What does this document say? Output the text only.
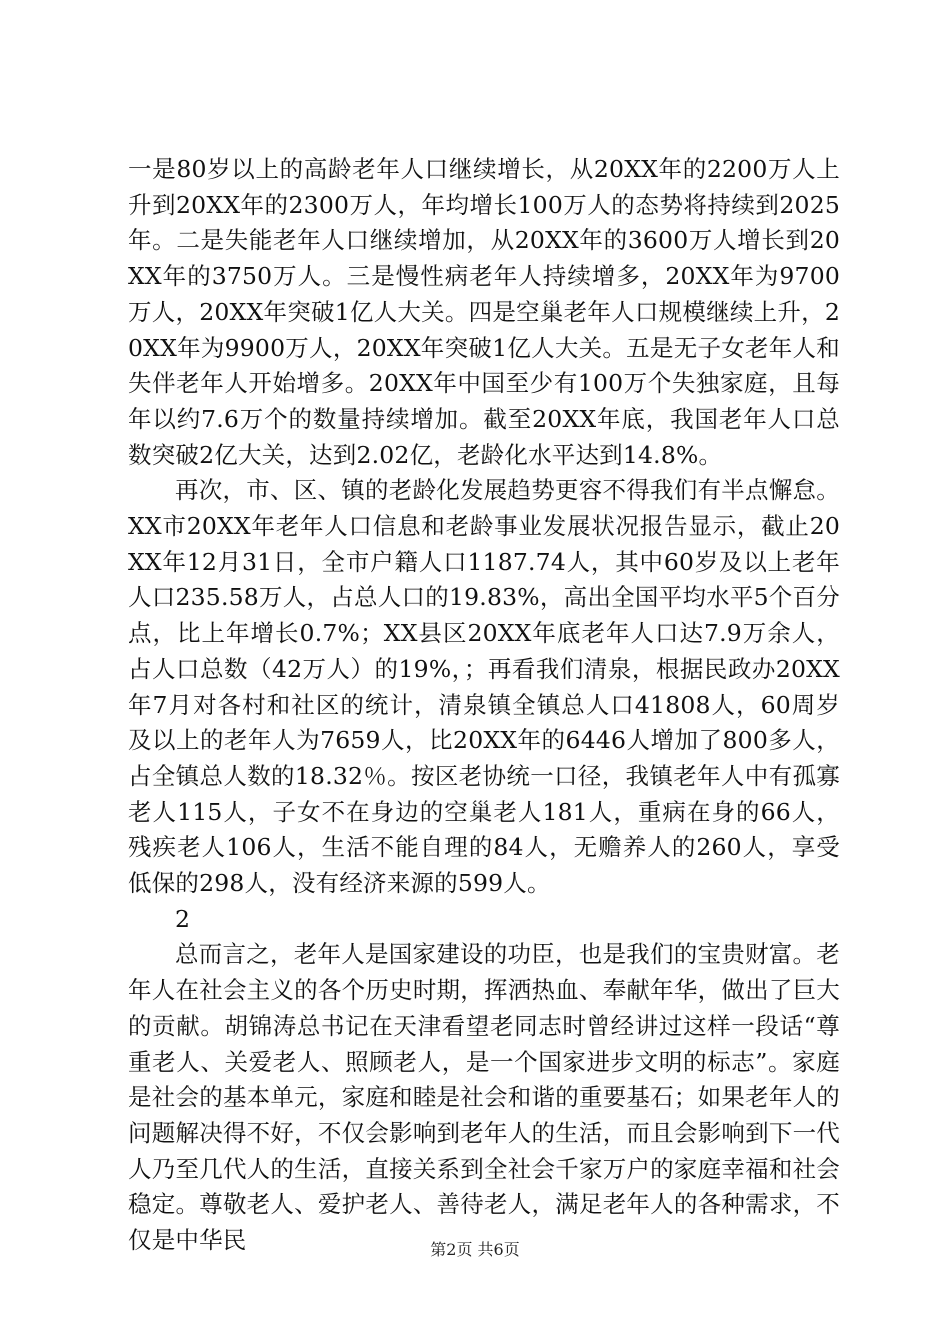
一是80岁以上的高龄老年人口继续增长，从20XX年的2200万人上升到20XX年的2300万人，年均增长100万人的态势将持续到2025年。二是失能老年人口继续增加，从20XX年的3600万人增长到20XX年的3750万人。三是慢性病老年人持续增多，20XX年为9700万人，20XX年突破1亿人大关。四是空巢老年人口规模继续上升，20XX年为9900万人，20XX年突破1亿人大关。五是无子女老年人和失伴老年人开始增多。20XX年中国至少有100万个失独家庭，且每年以约7.6万个的数量持续增加。截至20XX年底，我国老年人口总数突破2亿大关，达到2.02亿，老龄化水平达到14.8%。

再次，市、区、镇的老龄化发展趋势更容不得我们有半点懈怠。XX市20XX年老年人口信息和老龄事业发展状况报告显示，截止20XX年12月31日，全市户籍人口1187.74人，其中60岁及以上老年人口235.58万人，占总人口的19.83%，高出全国平均水平5个百分点，比上年增长0.7%；XX县区20XX年底老年人口达7.9万余人，占人口总数（42万人）的19%，；再看我们清泉，根据民政办20XX年7月对各村和社区的统计，清泉镇全镇总人口41808人，60周岁及以上的老年人为7659人，比20XX年的6446人增加了800多人，占全镇总人数的18.32％。按区老协统一口径，我镇老年人中有孤寡老人115人，子女不在身边的空巢老人181人，重病在身的66人，残疾老人106人，生活不能自理的84人，无赡养人的260人，享受低保的298人，没有经济来源的599人。

2

总而言之，老年人是国家建设的功臣，也是我们的宝贵财富。老年人在社会主义的各个历史时期，挥洒热血、奉献年华，做出了巨大的贡献。胡锦涛总书记在天津看望老同志时曾经讲过这样一段话“尊重老人、关爱老人、照顾老人，是一个国家进步文明的标志”。家庭是社会的基本单元，家庭和睦是社会和谐的重要基石；如果老年人的问题解决得不好，不仅会影响到老年人的生活，而且会影响到下一代人乃至几代人的生活，直接关系到全社会千家万户的家庭幸福和社会稳定。尊敬老人、爱护老人、善待老人，满足老年人的各种需求，不仅是中华民	第2页 共6页
